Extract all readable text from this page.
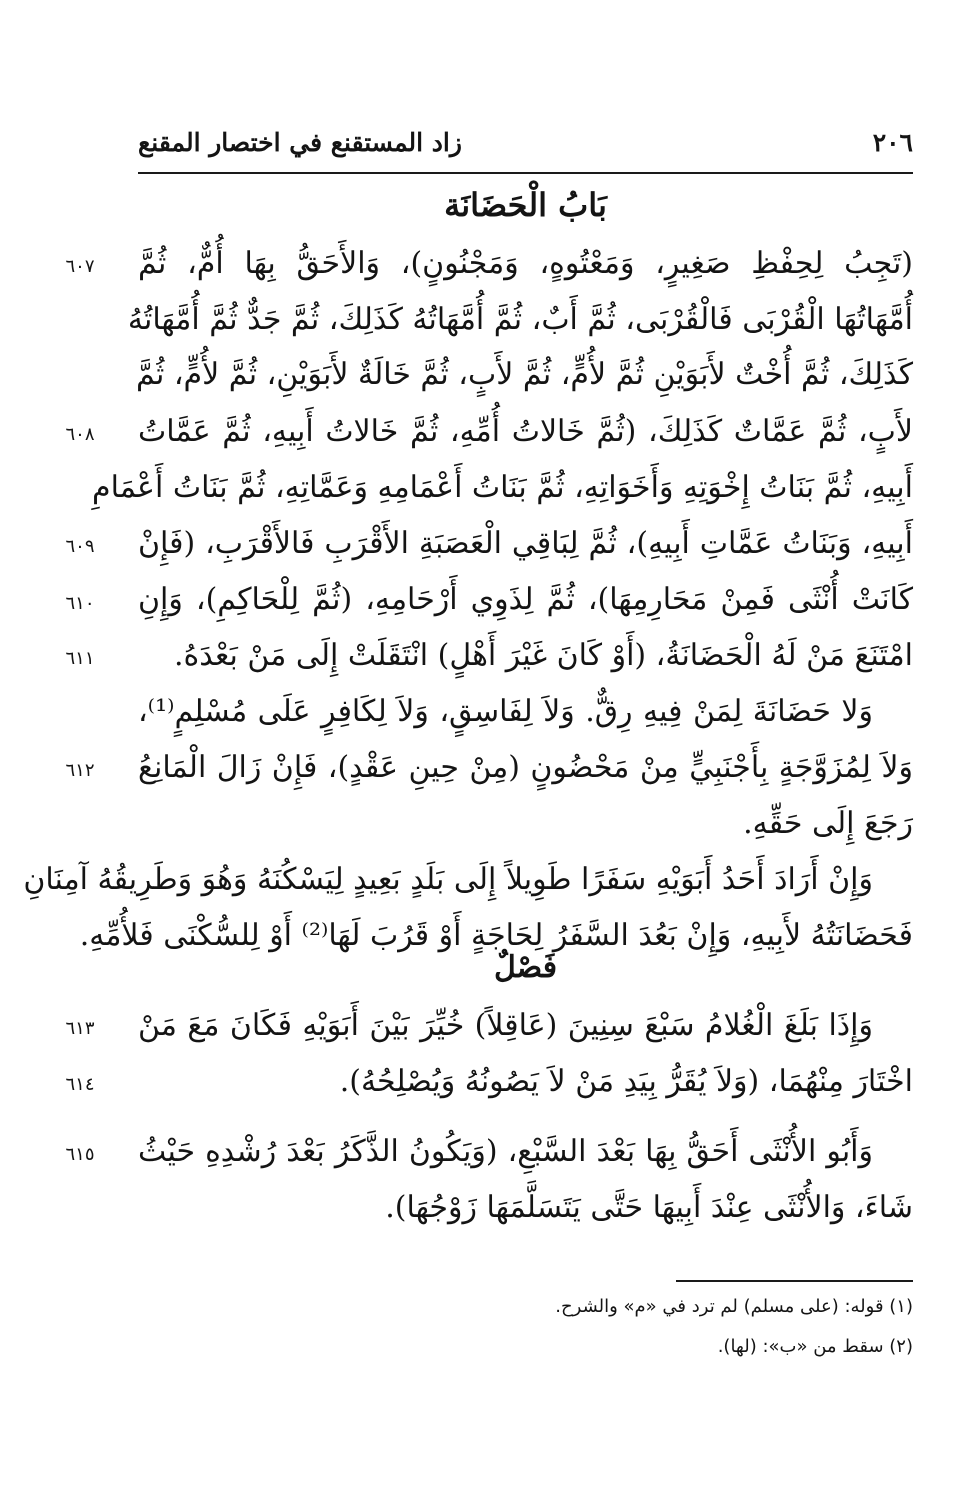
زاد المستقنع في اختصار المقنع	٢٠٦
بَابُ الْحَضَانَة
(تَجِبُ لِحِفْظِ صَغِيرٍ، وَمَعْتُوهٍ، وَمَجْنُونٍ)، وَالأَحَقُّ بِهَا أُمٌّ، ثُمَّ
أُمَّهَاتُهَا الْقُرْبَى فَالْقُرْبَى، ثُمَّ أَبٌ، ثُمَّ أُمَّهَاتُهُ كَذَلِكَ، ثُمَّ جَدٌّ ثُمَّ أُمَّهَاتُهُ
كَذَلِكَ، ثُمَّ أُخْتٌ لأَبَوَيْنِ ثُمَّ لأُمٍّ، ثُمَّ لأَبٍ، ثُمَّ خَالَةٌ لأَبَوَيْنِ، ثُمَّ لأُمٍّ، ثُمَّ
لأَبٍ، ثُمَّ عَمَّاتٌ كَذَلِكَ، (ثُمَّ خَالاتُ أُمِّهِ، ثُمَّ خَالاتُ أَبِيهِ، ثُمَّ عَمَّاتُ
أَبِيهِ، ثُمَّ بَنَاتُ إِخْوَتِهِ وَأَخَوَاتِهِ، ثُمَّ بَنَاتُ أَعْمَامِهِ وَعَمَّاتِهِ، ثُمَّ بَنَاتُ أَعْمَامِ
أَبِيهِ، وَبَنَاتُ عَمَّاتِ أَبِيهِ)، ثُمَّ لِبَاقِي الْعَصَبَةِ الأَقْرَبِ فَالأَقْرَبِ، (فَإِنْ
كَانَتْ أُنْثَى فَمِنْ مَحَارِمِهَا)، ثُمَّ لِذَوِي أَرْحَامِهِ، (ثُمَّ لِلْحَاكِمِ)، وَإِنِ
امْتَنَعَ مَنْ لَهُ الْحَضَانَةُ، (أَوْ كَانَ غَيْرَ أَهْلٍ) انْتَقَلَتْ إِلَى مَنْ بَعْدَهُ.
وَلا حَضَانَةَ لِمَنْ فِيهِ رِقٌّ. وَلاَ لِفَاسِقٍ، وَلاَ لِكَافِرٍ عَلَى مُسْلِمٍ⁽¹⁾،
وَلاَ لِمُزَوَّجَةٍ بِأَجْنَبِيٍّ مِنْ مَحْضُونٍ (مِنْ حِينِ عَقْدٍ)، فَإِنْ زَالَ الْمَانِعُ
رَجَعَ إِلَى حَقِّهِ.
وَإِنْ أَرَادَ أَحَدُ أَبَوَيْهِ سَفَرًا طَوِيلاً إِلَى بَلَدٍ بَعِيدٍ لِيَسْكُنَهُ وَهُوَ وَطَرِيقُهُ آمِنَانِ
فَحَضَانَتُهُ لأَبِيهِ، وَإِنْ بَعُدَ السَّفَرُ لِحَاجَةٍ أَوْ قَرُبَ لَهَا⁽²⁾ أَوْ لِلسُّكْنَى فَلأُمِّهِ.
فَصْلٌ
وَإِذَا بَلَغَ الْغُلامُ سَبْعَ سِنِينَ (عَاقِلاً) خُيِّرَ بَيْنَ أَبَوَيْهِ فَكَانَ مَعَ مَنْ
اخْتَارَ مِنْهُمَا، (وَلاَ يُقَرُّ بِيَدِ مَنْ لاَ يَصُونُهُ وَيُصْلِحُهُ).
وَأَبُو الأُنْثَى أَحَقُّ بِهَا بَعْدَ السَّبْعِ، (وَيَكُونُ الذَّكَرُ بَعْدَ رُشْدِهِ حَيْثُ
شَاءَ، وَالأُنْثَى عِنْدَ أَبِيهَا حَتَّى يَتَسَلَّمَهَا زَوْجُهَا).
٦٠٧
٦٠٨
٦٠٩
٦١٠
٦١١
٦١٢
٦١٣
٦١٤
٦١٥
(١) قوله: (على مسلم) لم ترد في «م» والشرح.
(٢) سقط من «ب»: (لها).
